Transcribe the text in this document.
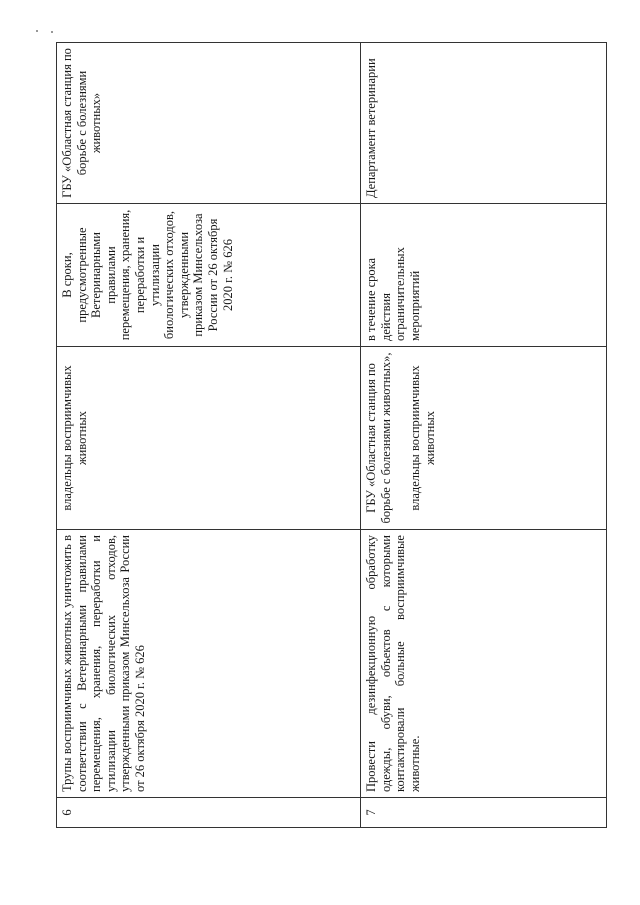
6	Трупы восприимчивых животных уничтожить в соответствии с Ветеринарными правилами перемещения, хранения, переработки и утилизации биологических отходов, утвержденными приказом Минсельхоза России от 26 октября 2020 г. № 626	владельцы восприимчивых животных	В сроки, предусмотренные Ветеринарными правилами перемещения, хранения, переработки и утилизации биологических отходов, утвержденными приказом Минсельхоза России от 26 октября 2020 г. № 626	ГБУ «Областная станция по борьбе с болезнями животных»
7	Провести дезинфекционную обработку одежды, обуви, объектов с которыми контактировали больные восприимчивые животные.	ГБУ «Областная станция по борьбе с болезнями животных», владельцы восприимчивых животных	в течение срока действия ограничительных мероприятий	Департамент ветеринарии
